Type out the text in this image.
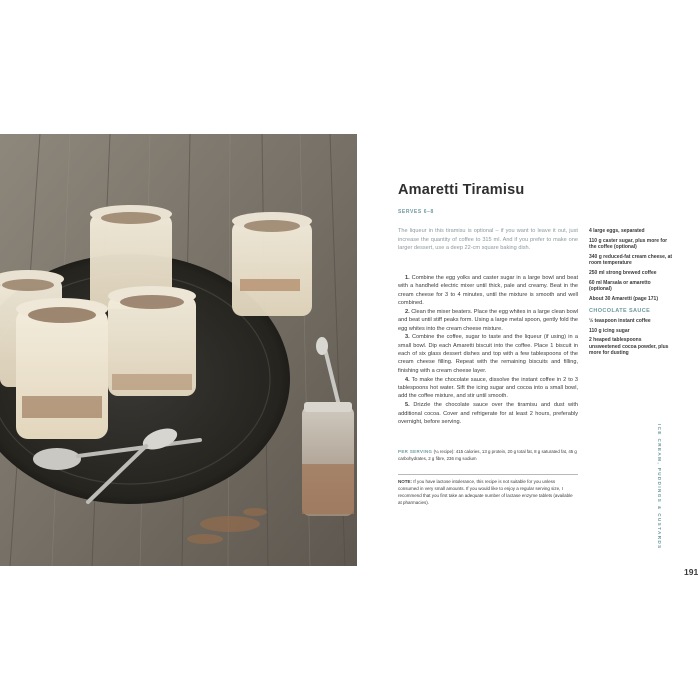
Amaretti Tiramisu
SERVES 6–8
The liqueur in this tiramisu is optional – if you want to leave it out, just increase the quantity of coffee to 315 ml. And if you prefer to make one larger dessert, use a deep 22-cm square baking dish.

1. Combine the egg yolks and caster sugar in a large bowl and beat with a handheld electric mixer until thick, pale and creamy. Beat in the cream cheese for 3 to 4 minutes, until the mixture is smooth and well combined.

2. Clean the mixer beaters. Place the egg whites in a large clean bowl and beat until stiff peaks form. Using a large metal spoon, gently fold the egg whites into the cream cheese mixture.

3. Combine the coffee, sugar to taste and the liqueur (if using) in a small bowl. Dip each Amaretti biscuit into the coffee. Place 1 biscuit in each of six glass dessert dishes and top with a few tablespoons of the cream cheese filling. Repeat with the remaining biscuits and filling, finishing with a cream cheese layer.

4. To make the chocolate sauce, dissolve the instant coffee in 2 to 3 tablespoons hot water. Sift the icing sugar and cocoa into a small bowl, add the coffee mixture, and stir until smooth.

5. Drizzle the chocolate sauce over the tiramisu and dust with additional cocoa. Cover and refrigerate for at least 2 hours, preferably overnight, before serving.

PER SERVING (¼ recipe): 415 calories, 13 g protein, 20 g total fat, 8 g saturated fat, 45 g carbohydrates, 2 g fibre, 236 mg sodium
NOTE: If you have lactose intolerance, this recipe is not suitable for you unless consumed in very small amounts. If you would like to enjoy a regular serving size, I recommend that you first take an adequate number of lactase enzyme tablets (available at pharmacies).
4 large eggs, separated
110 g caster sugar, plus more for the coffee (optional)
340 g reduced-fat cream cheese, at room temperature
250 ml strong brewed coffee
60 ml Marsala or amaretto (optional)
About 30 Amaretti (page 171)
CHOCOLATE SAUCE
½ teaspoon instant coffee
110 g icing sugar
2 heaped tablespoons unsweetened cocoa powder, plus more for dusting
ICE CREAM, PUDDINGS & CUSTARDS
191
